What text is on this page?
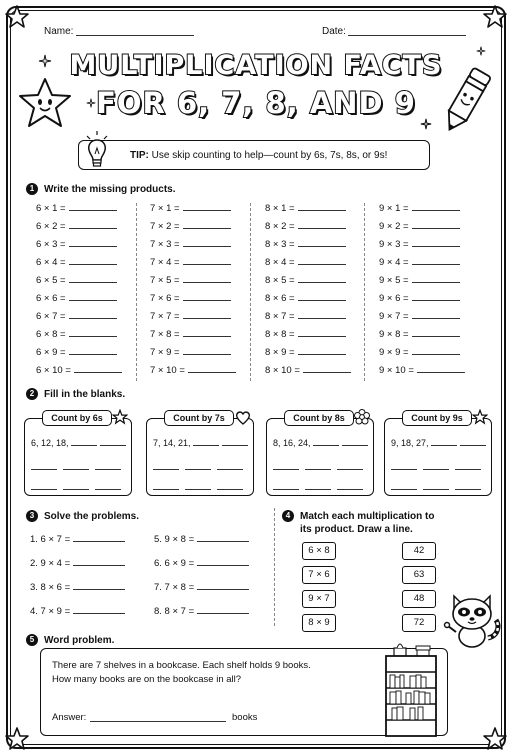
Name:	Date:
MULTIPLICATION FACTS
FOR 6, 7, 8, AND 9
TIP: Use skip counting to help—count by 6s, 7s, 8s, or 9s!
1 Write the missing products.
6 × 1 =
6 × 2 =
6 × 3 =
6 × 4 =
6 × 5 =
6 × 6 =
6 × 7 =
6 × 8 =
6 × 9 =
6 × 10 =
7 × 1 =
7 × 2 =
7 × 3 =
7 × 4 =
7 × 5 =
7 × 6 =
7 × 7 =
7 × 8 =
7 × 9 =
7 × 10 =
8 × 1 =
8 × 2 =
8 × 3 =
8 × 4 =
8 × 5 =
8 × 6 =
8 × 7 =
8 × 8 =
8 × 9 =
8 × 10 =
9 × 1 =
9 × 2 =
9 × 3 =
9 × 4 =
9 × 5 =
9 × 6 =
9 × 7 =
9 × 8 =
9 × 9 =
9 × 10 =
2 Fill in the blanks.
Count by 6s
6, 12, 18,
Count by 7s
7, 14, 21,
Count by 8s
8, 16, 24,
Count by 9s
9, 18, 27,
3 Solve the problems.
1. 6 × 7 =	5. 9 × 8 =
2. 9 × 4 =	6. 6 × 9 =
3. 8 × 6 =	7. 7 × 8 =
4. 7 × 9 =	8. 8 × 7 =
4 Match each multiplication to
its product. Draw a line.
6 × 8
7 × 6
9 × 7
8 × 9
42
63
48
72
5 Word problem.
There are 7 shelves in a bookcase. Each shelf holds 9 books.
How many books are on the bookcase in all?
Answer:	books
